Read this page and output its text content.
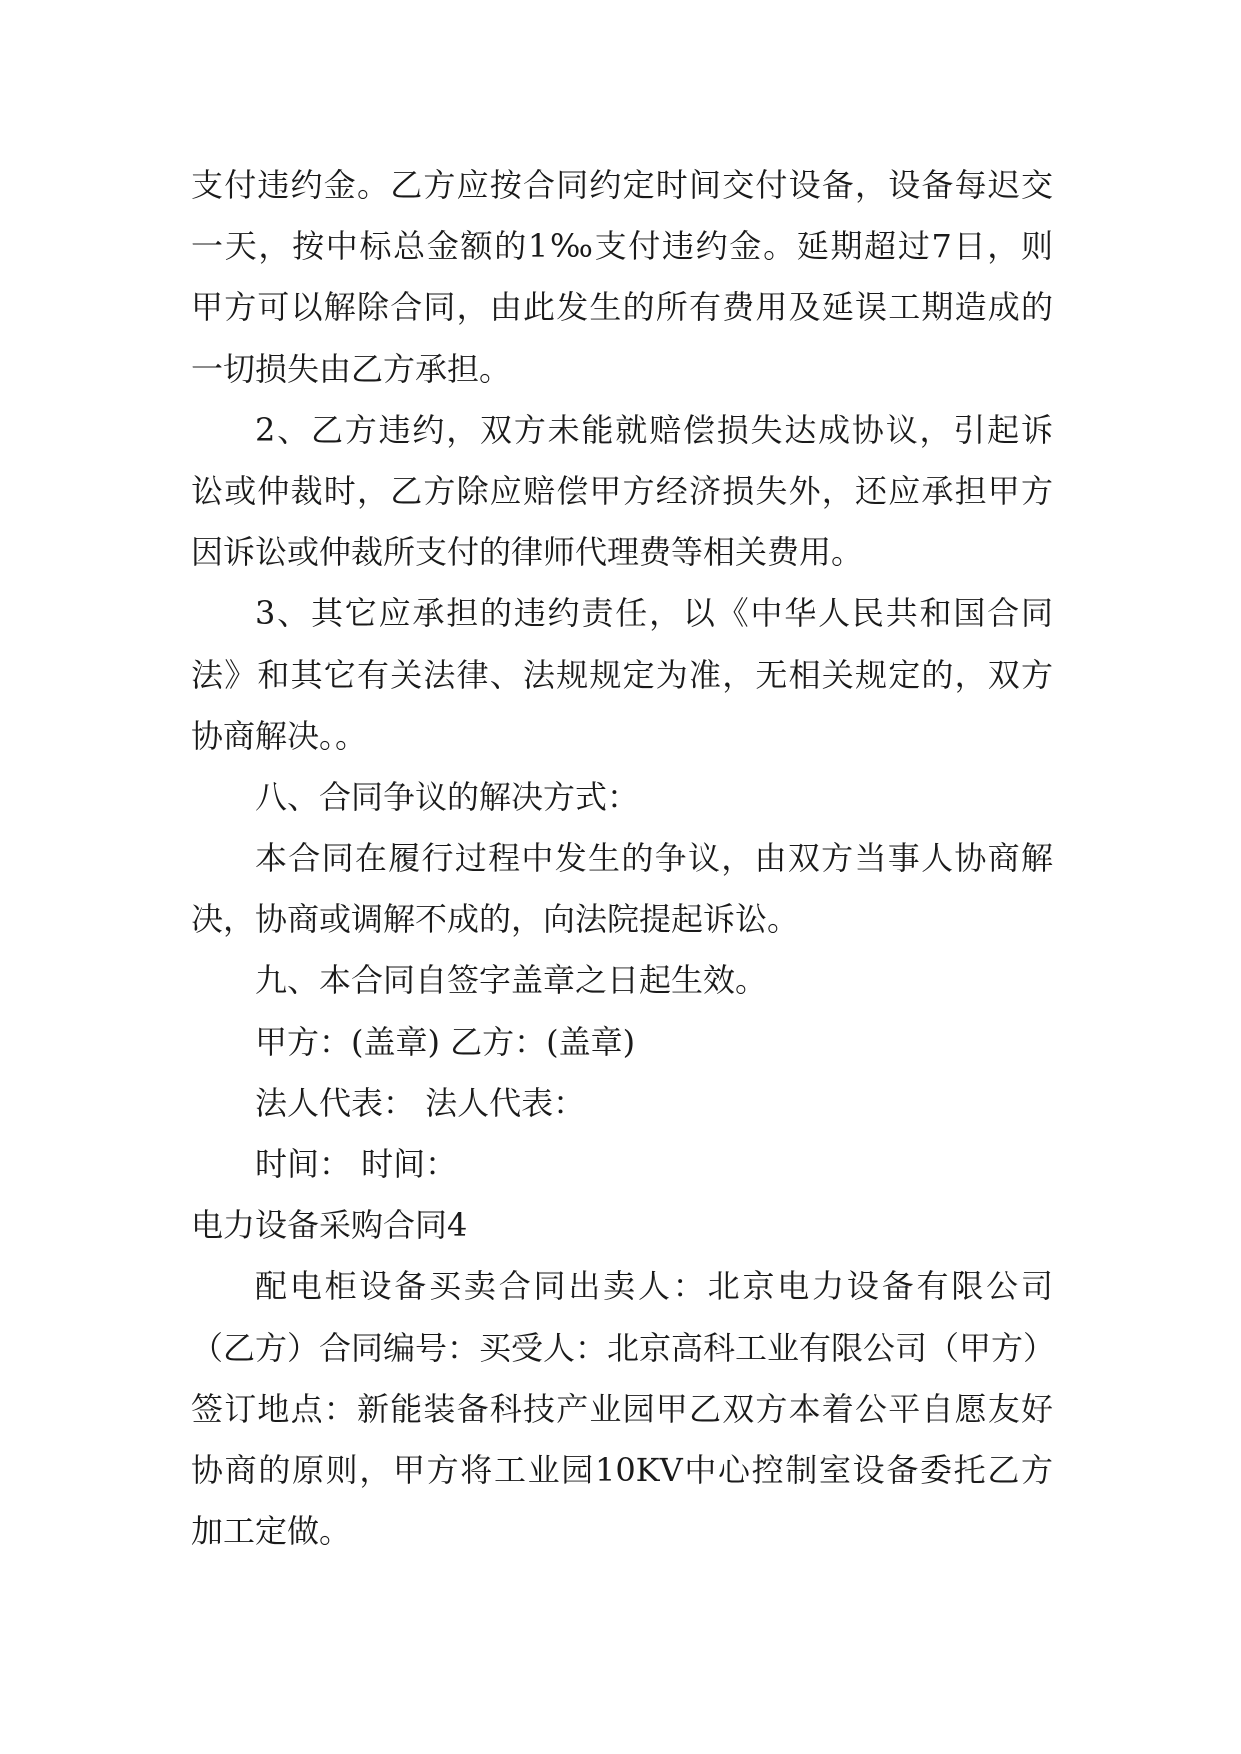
支付违约金。乙方应按合同约定时间交付设备，设备每迟交
一天，按中标总金额的1‰支付违约金。延期超过7日，则
甲方可以解除合同，由此发生的所有费用及延误工期造成的
一切损失由乙方承担。
2、乙方违约，双方未能就赔偿损失达成协议，引起诉
讼或仲裁时，乙方除应赔偿甲方经济损失外，还应承担甲方
因诉讼或仲裁所支付的律师代理费等相关费用。
3、其它应承担的违约责任，以《中华人民共和国合同
法》和其它有关法律、法规规定为准，无相关规定的，双方
协商解决。。
八、合同争议的解决方式：
本合同在履行过程中发生的争议，由双方当事人协商解
决，协商或调解不成的，向法院提起诉讼。
九、本合同自签字盖章之日起生效。
甲方：(盖章) 乙方：(盖章)
法人代表： 法人代表：
时间： 时间：
电力设备采购合同4
配电柜设备买卖合同出卖人：北京电力设备有限公司
（乙方）合同编号：买受人：北京高科工业有限公司（甲方）
签订地点：新能装备科技产业园甲乙双方本着公平自愿友好
协商的原则，甲方将工业园10KV中心控制室设备委托乙方
加工定做。
